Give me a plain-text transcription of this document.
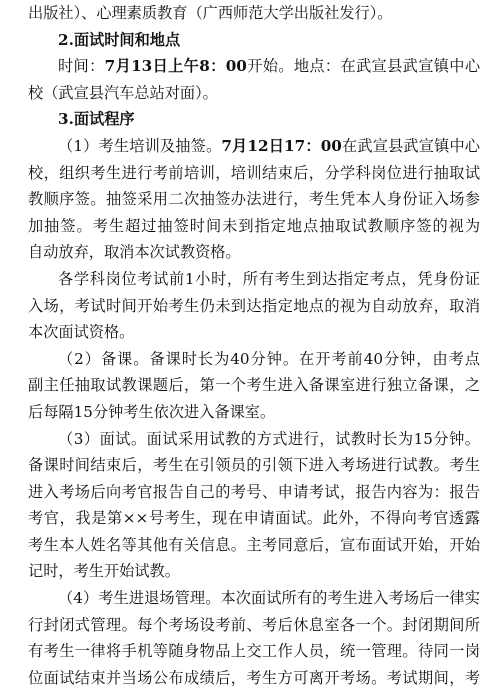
出版社）、心理素质教育（广西师范大学出版社发行）。
2.面试时间和地点
时间：7月13日上午8：00开始。地点：在武宣县武宣镇中心
校（武宣县汽车总站对面）。
3.面试程序
（1）考生培训及抽签。7月12日17：00在武宣县武宣镇中心
校，组织考生进行考前培训，培训结束后，分学科岗位进行抽取试
教顺序签。抽签采用二次抽签办法进行，考生凭本人身份证入场参
加抽签。考生超过抽签时间未到指定地点抽取试教顺序签的视为
自动放弃，取消本次试教资格。
各学科岗位考试前1小时，所有考生到达指定考点，凭身份证
入场，考试时间开始考生仍未到达指定地点的视为自动放弃，取消
本次面试资格。
（2）备课。备课时长为40分钟。在开考前40分钟，由考点
副主任抽取试教课题后，第一个考生进入备课室进行独立备课，之
后每隔15分钟考生依次进入备课室。
（3）面试。面试采用试教的方式进行，试教时长为15分钟。
备课时间结束后，考生在引领员的引领下进入考场进行试教。考生
进入考场后向考官报告自己的考号、申请考试，报告内容为：报告
考官，我是第××号考生，现在申请面试。此外，不得向考官透露
考生本人姓名等其他有关信息。主考同意后，宣布面试开始，开始
记时，考生开始试教。
（4）考生进退场管理。本次面试所有的考生进入考场后一律实
行封闭式管理。每个考场设考前、考后休息室各一个。封闭期间所
有考生一律将手机等随身物品上交工作人员，统一管理。待同一岗
位面试结束并当场公布成绩后，考生方可离开考场。考试期间，考
